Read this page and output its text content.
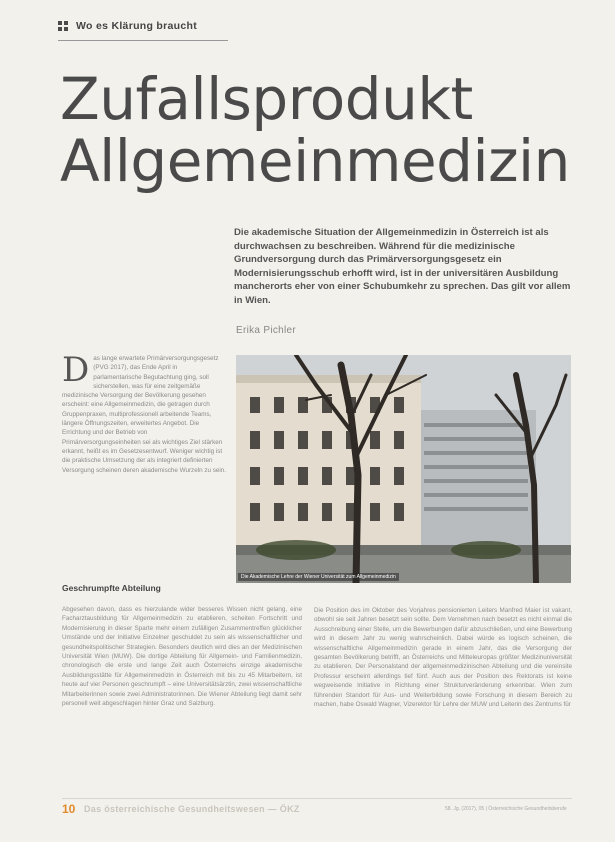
Wo es Klärung braucht
Zufallsprodukt
Allgemeinmedizin

Die akademische Situation der Allgemeinmedizin in Österreich ist als durchwachsen zu beschreiben. Während für die medizinische Grundversorgung durch das Primärversorgungsgesetz ein Modernisierungsschub erhofft wird, ist in der universitären Ausbildung mancherorts eher von einer Schubumkehr zu sprechen. Das gilt vor allem in Wien.

Erika Pichler

D as lange erwartete Primärversorgungsgesetz (PVG 2017), das Ende April in parlamentarische Begutachtung ging, soll sicherstellen, was für eine zeitgemäße medizinische Versorgung der Bevölkerung gesehen erscheint: eine Allgemeinmedizin, die getragen durch Gruppenpraxen, multiprofessionell arbeitende Teams, längere Öffnungszeiten, erweitertes Angebot. Die Errichtung und der Betrieb von Primärversorgungseinheiten sei als wichtiges Ziel stärken erkannt, heißt es im Gesetzesentwurf. Weniger wichtig ist die praktische Umsetzung der als integriert definierten Versorgung scheinen deren akademische Wurzeln zu sein.

Die Akademische Lehre der Wiener Universität zum Allgemeinmedizin
Geschrumpfte Abteilung

Abgesehen davon, dass es hierzulande wider besseres Wissen nicht gelang, eine Facharztausbildung für Allgemeinmedizin zu etablieren, scheiten Fortschritt und Modernisierung in dieser Sparte mehr einem zufälligen Zusammentreffen glücklicher Umstände und der Initiative Einzelner geschuldet zu sein als wissenschaftlicher und gesundheitspolitischer Strategien. Besonders deutlich wird dies an der Medizinischen Universität Wien (MUW). Die dortige Abteilung für Allgemein- und Familienmedizin, chronologisch die erste und lange Zeit auch Österreichs einzige akademische Ausbildungsstätte für Allgemeinmedizin in Österreich mit bis zu 45 Mitarbeitern, ist heute auf vier Personen geschrumpft – eine Universitätsärztin, zwei wissenschaftliche Mitarbeiterinnen sowie zwei Administratorinnen. Die Wiener Abteilung liegt damit sehr personell weit abgeschlagen hinter Graz und Salzburg.

Die Position des im Oktober des Vorjahres pensionierten Leiters Manfred Maier ist vakant, obwohl sie seit Jahren besetzt sein sollte. Dem Vernehmen nach besetzt es nicht einmal die Ausschreibung einer Stelle, um die Bewerbungen dafür abzuschließen, und eine Bewerbung wird in diesem Jahr zu wenig wahrscheinlich. Dabei würde es logisch scheinen, die wissenschaftliche Allgemeinmedizin gerade in einem Jahr, das die Versorgung der gesamten Bevölkerung betrifft, an Österreichs und Mitteleuropas größter Medizinuniversität zu etablieren. Der Personalstand der allgemeinmedizinischen Abteilung und die vereinsite Professur erscheint allerdings tief fünf. Auch aus der Position des Rektorats ist keine wegweisende Initiative in Richtung einer Strukturveränderung erkennbar. Wien zum führenden Standort für Aus- und Weiterbildung sowie Forschung in diesem Bereich zu machen, habe Oswald Wagner, Vizerektor für Lehre der MUW und Leiterin des Zentrums für

10 Das österreichische Gesundheitswesen — ÖKZ	58. Jg. (2017), 05 | Österreichische Gesundheitsberufe
